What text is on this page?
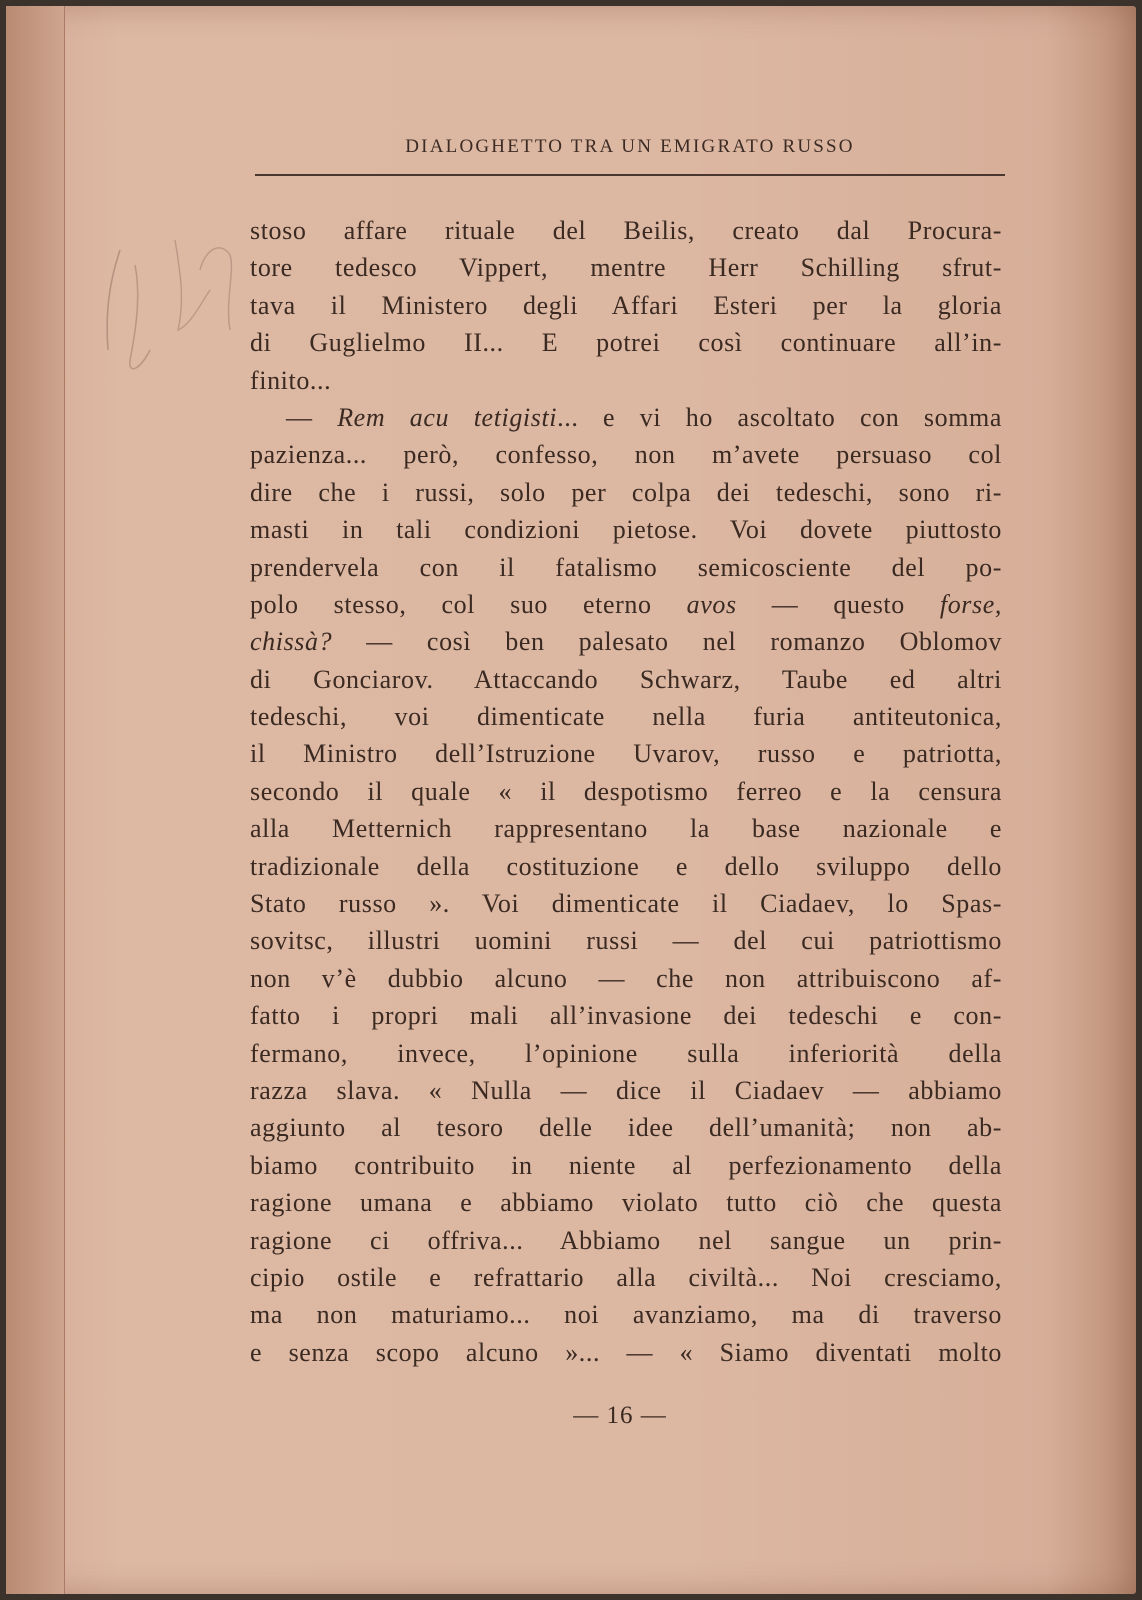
DIALOGHETTO TRA UN EMIGRATO RUSSO
stoso affare rituale del Beilis, creato dal Procura-
tore tedesco Vippert, mentre Herr Schilling sfrut-
tava il Ministero degli Affari Esteri per la gloria
di Guglielmo II... E potrei così continuare all’in-
finito...
— Rem acu tetigisti... e vi ho ascoltato con somma
pazienza... però, confesso, non m’avete persuaso col
dire che i russi, solo per colpa dei tedeschi, sono ri-
masti in tali condizioni pietose. Voi dovete piuttosto
prendervela con il fatalismo semicosciente del po-
polo stesso, col suo eterno avos — questo forse,
chissà? — così ben palesato nel romanzo Oblomov
di Gonciarov. Attaccando Schwarz, Taube ed altri
tedeschi, voi dimenticate nella furia antiteutonica,
il Ministro dell’Istruzione Uvarov, russo e patriotta,
secondo il quale « il despotismo ferreo e la censura
alla Metternich rappresentano la base nazionale e
tradizionale della costituzione e dello sviluppo dello
Stato russo ». Voi dimenticate il Ciadaev, lo Spas-
sovitsc, illustri uomini russi — del cui patriottismo
non v’è dubbio alcuno — che non attribuiscono af-
fatto i propri mali all’invasione dei tedeschi e con-
fermano, invece, l’opinione sulla inferiorità della
razza slava. « Nulla — dice il Ciadaev — abbiamo
aggiunto al tesoro delle idee dell’umanità; non ab-
biamo contribuito in niente al perfezionamento della
ragione umana e abbiamo violato tutto ciò che questa
ragione ci offriva... Abbiamo nel sangue un prin-
cipio ostile e refrattario alla civiltà... Noi cresciamo,
ma non maturiamo... noi avanziamo, ma di traverso
e senza scopo alcuno »... — « Siamo diventati molto
— 16 —
